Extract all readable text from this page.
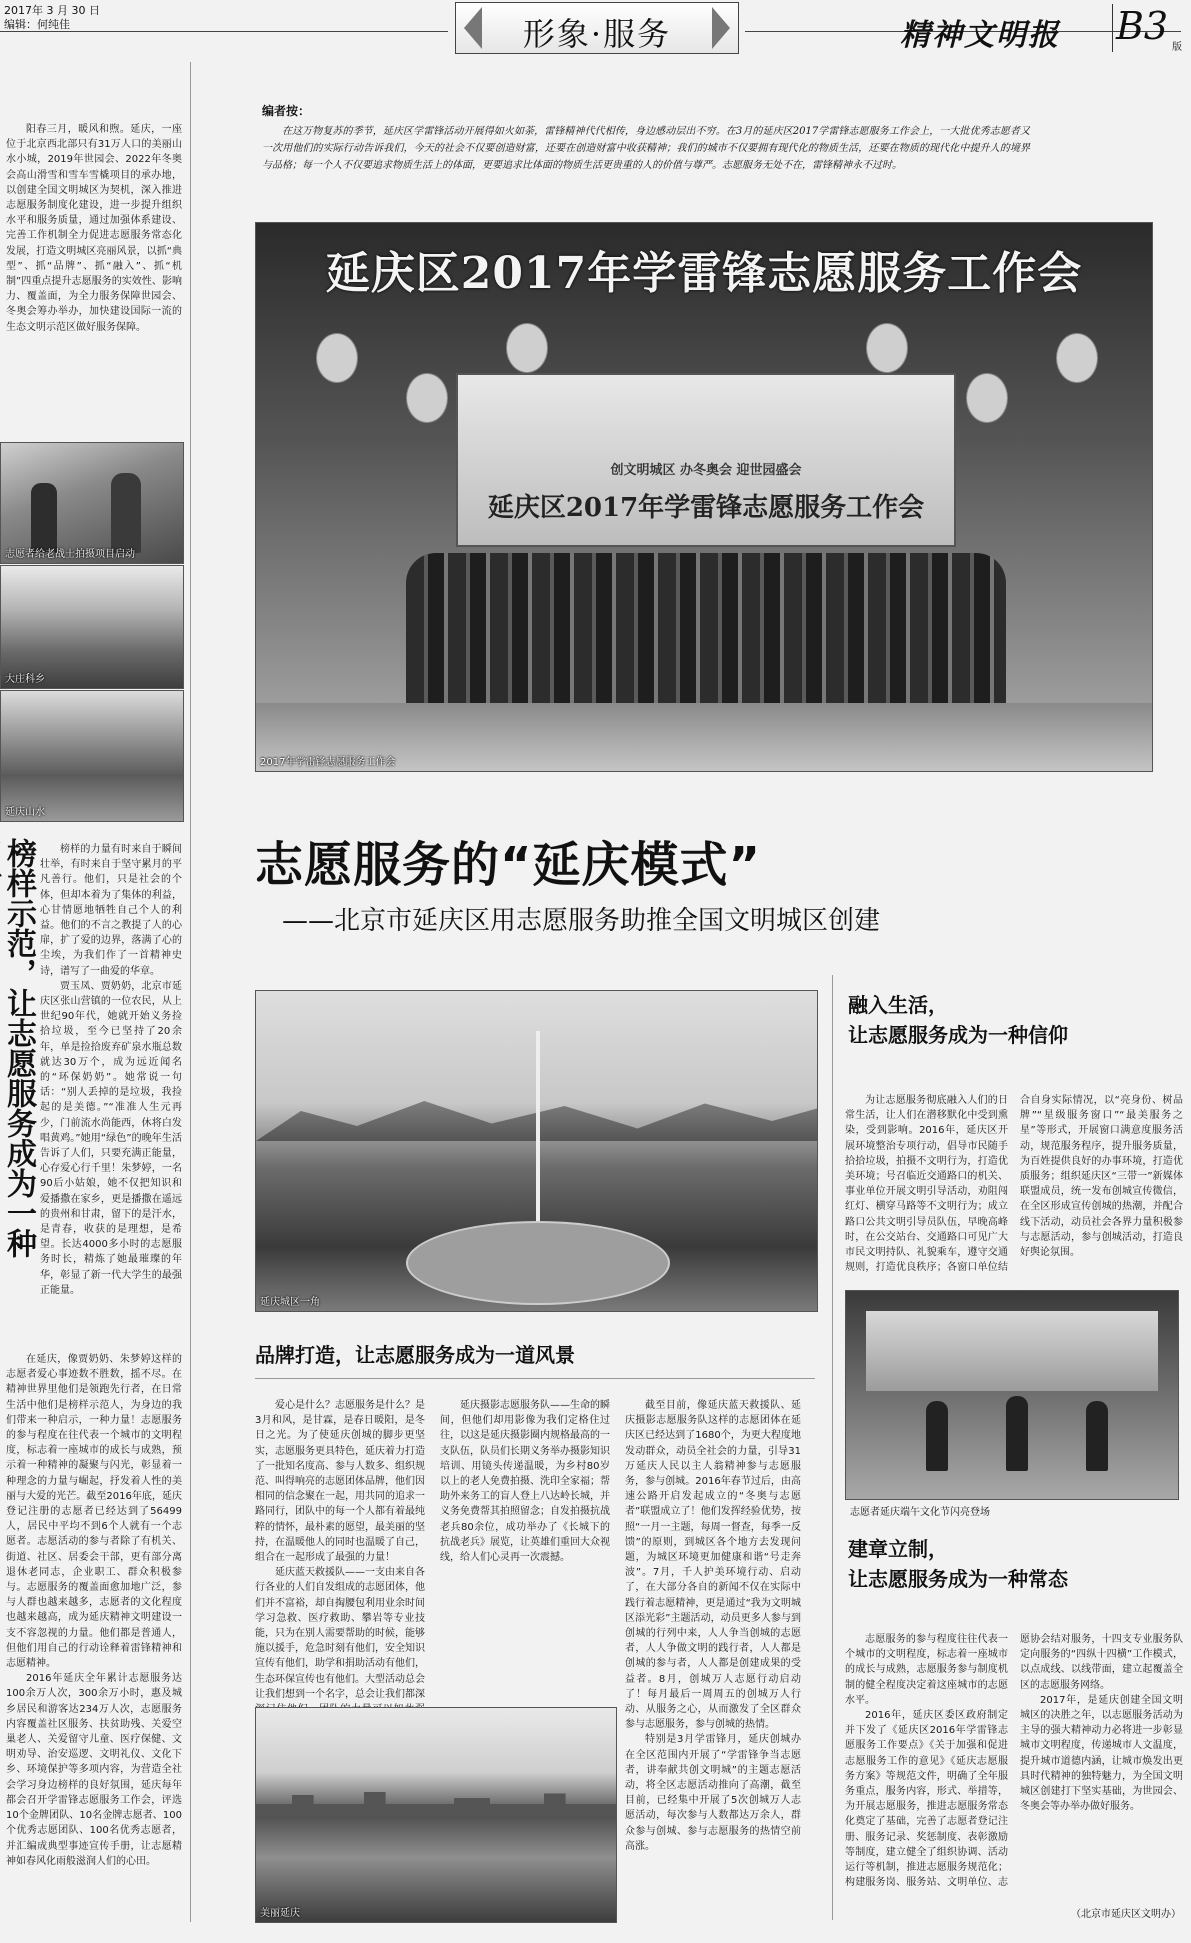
2017年 3 月 30 日
编辑：何纯佳	形象·服务	精神文明报 B3 版

阳春三月，暖风和煦。延庆，一座位于北京西北部只有31万人口的美丽山水小城，2019年世园会、2022年冬奥会高山滑雪和雪车雪橇项目的承办地，以创建全国文明城区为契机，深入推进志愿服务制度化建设，进一步提升组织水平和服务质量，通过加强体系建设、完善工作机制全力促进志愿服务常态化发展，打造文明城区亮丽风景，以抓“典型”、抓“品牌”、抓“融入”、抓“机制”四重点提升志愿服务的实效性、影响力、覆盖面，为全力服务保障世园会、冬奥会筹办举办，加快建设国际一流的生态文明示范区做好服务保障。

志愿者给老战士拍摄项目启动
大庄科乡
延庆山水
榜样示范，让志愿服务成为一种

榜样的力量有时来自于瞬间壮举，有时来自于坚守累月的平凡善行。他们，只是社会的个体，但却本着为了集体的利益，心甘情愿地牺牲自己个人的利益。他们的不言之教提了人的心扉，扩了爱的边界，落满了心的尘埃，为我们作了一首精神史诗，谱写了一曲爱的华章。

贾玉凤、贾奶奶，北京市延庆区张山营镇的一位农民，从上世纪90年代，她就开始义务捡拾垃圾，至今已坚持了20余年，单是捡拾废弃矿泉水瓶总数就达30万个，成为远近闻名的“环保奶奶”。她常说一句话：“别人丢掉的是垃圾，我捡起的是美德。”“准准人生元再少，门前流水尚能西，休将白发唱黄鸡。”她用“绿色”的晚年生活告诉了人们，只要充满正能量，心存爱心行千里！朱梦婷，一名90后小姑娘，她不仅把知识和爱播撒在家乡，更是播撒在遥远的贵州和甘肃，留下的是汗水，是青春，收获的是理想，是希望。长达4000多小时的志愿服务时长，精炼了她最璀璨的年华，彰显了新一代大学生的最强正能量。

在延庆，像贾奶奶、朱梦婷这样的志愿者爱心事迹数不胜数，摇不尽。在精神世界里他们是领跑先行者，在日常生活中他们是榜样示范人，为身边的我们带来一种启示，一种力量！志愿服务的参与程度在往代表一个城市的文明程度，标志着一座城市的成长与成熟，预示着一种精神的凝聚与闪光，彰显着一种理念的力量与崛起，抒发着人性的美丽与大爱的光芒。截至2016年底，延庆登记注册的志愿者已经达到了56499人，居民中平均不到6个人就有一个志愿者。志愿活动的参与者除了有机关、街道、社区、居委会干部，更有部分离退休老同志，企业职工、群众积极参与。志愿服务的覆盖面愈加地广泛，参与人群也越来越多，志愿者的文化程度也越来越高，成为延庆精神文明建设一支不容忽视的力量。他们都是普通人，但他们用自己的行动诠释着雷锋精神和志愿精神。

2016年延庆全年累计志愿服务达100余万人次，300余万小时，惠及城乡居民和游客达234万人次，志愿服务内容覆盖社区服务、扶贫助残、关爱空巢老人、关爱留守儿童、医疗保健、文明劝导、治安巡逻、文明礼仪、文化下乡、环境保护等多项内容，为营造全社会学习身边榜样的良好氛围，延庆每年都会召开学雷锋志愿服务工作会，评选10个金牌团队、10名金牌志愿者、100个优秀志愿团队、100名优秀志愿者，并汇编成典型事迹宣传手册，让志愿精神如春风化雨般滋润人们的心田。

编者按：
在这万物复苏的季节，延庆区学雷锋活动开展得如火如荼，雷锋精神代代相传，身边感动层出不穷。在3月的延庆区2017学雷锋志愿服务工作会上，一大批优秀志愿者又一次用他们的实际行动告诉我们，今天的社会不仅要创造财富，还要在创造财富中收获精神；我们的城市不仅要拥有现代化的物质生活，还要在物质的现代化中提升人的境界与品格；每一个人不仅要追求物质生活上的体面，更要追求比体面的物质生活更贵重的人的价值与尊严。志愿服务无处不在，雷锋精神永不过时。
延庆区2017年学雷锋志愿服务工作会
创文明城区 办冬奥会 迎世园盛会
延庆区2017年学雷锋志愿服务工作会
2017年学雷锋志愿服务工作会
志愿服务的“延庆模式”
——北京市延庆区用志愿服务助推全国文明城区创建
延庆城区一角
品牌打造，让志愿服务成为一道风景

爱心是什么？志愿服务是什么？是3月和风，是甘霖，是春日暖阳，是冬日之光。为了使延庆创城的脚步更坚实，志愿服务更具特色，延庆着力打造了一批知名度高、参与人数多、组织规范、叫得响亮的志愿团体品牌，他们因相同的信念聚在一起，用共同的追求一路同行，团队中的每一个人都有着最纯粹的情怀，最朴素的愿望，最美丽的坚持，在温暖他人的同时也温暖了自己，组合在一起形成了最强的力量！

延庆蓝天救援队——一支由来自各行各业的人们自发组成的志愿团体，他们并不富裕，却自掏腰包利用业余时间学习急救、医疗救助、攀岩等专业技能，只为在别人需要帮助的时候，能够施以援手，危急时刻有他们，安全知识宣传有他们，助学和捐助活动有他们，生态环保宣传也有他们。大型活动总会让我们想到一个名字，总会让我们都深

延庆摄影志愿服务队——生命的瞬间，但他们却用影像为我们定格住过往，以这是延庆摄影圈内规格最高的一支队伍，队员们长期义务举办摄影知识培训、用镜头传递温暖，为乡村80岁以上的老人免费拍摄、洗印全家福；帮助外来务工的盲人登上八达岭长城，并义务免费帮其拍照留念；自发拍摄抗战老兵80余位，成功举办了《长城下的抗战老兵》展览，让英雄们重回大众视线，给人们心灵再一次震撼。

截至目前，像延庆蓝天救援队、延庆摄影志愿服务队这样的志愿团体在延庆区已经达到了1680个，为更大程度地发动群众，动员全社会的力量，引导31万延庆人民以主人翁精神参与志愿服务，参与创城。2016年春节过后，由高速公路开启发起成立的“冬奥与志愿者”联盟成立了！他们发挥经验优势，按照“一月一主题，每周一督查，每季一反馈”的原则，到城区各个地方去发现问题，为城区环境更加健康和谐“号走奔波”。7月，千人护美环境行动、启动了，在大部分各自的新闻不仅在实际中践行着志愿精神，更是通过“我为文明城区添光彩”主题活动，动员更多人参与到创城的行列中来，人人争当创城的志愿者，人人争做文明的践行者，人人都是创城的参与者，人人都是创建成果的受益者。8月，创城万人志愿行动启动了！每月最后一周周五的创城万人行动、从服务之心，从而激发了全区群众参与志愿服务，参与创城的热情。

特别是3月学雷锋月，延庆创城办在全区范围内开展了“学雷锋争当志愿者，讲奉献共创文明城”的主题志愿活动，将全区志愿活动推向了高潮，截至目前，已经集中开展了5次创城万人志愿活动，每次参与人数都达万余人，群众参与创城、参与志愿服务的热情空前高涨。

美丽延庆
融入生活，
让志愿服务成为一种信仰

为让志愿服务彻底融入人们的日常生活，让人们在潜移默化中受到熏染，受到影响。2016年，延庆区开展环境整治专项行动，倡导市民随手拾拾垃圾，拍摄不文明行为，打造优美环境；号召临近交通路口的机关、事业单位开展文明引导活动，劝阻闯红灯、横穿马路等不文明行为；成立路口公共文明引导员队伍，早晚高峰时，在公交站台、交通路口可见广大市民文明持队、礼貌乘车，遵守交通规则，打造优良秩序；各窗口单位结合自身实际情况，以“亮身份、树品牌”“星级服务窗口”“最美服务之星”等形式，开展窗口满意度服务活动，规范服务程序，提升服务质量，为百姓提供良好的办事环境，打造优质服务；组织延庆区“三带一”新媒体联盟成员，统一发布创城宣传微信，在全区形成宣传创城的热潮，并配合线下活动，动员社会各界力量积极参与志愿活动，参与创城活动，打造良好舆论氛围。

志愿者延庆端午文化节闪亮登场
建章立制，
让志愿服务成为一种常态

志愿服务的参与程度往往代表一个城市的文明程度，标志着一座城市的成长与成熟，志愿服务参与制度机制的健全程度决定着这座城市的志愿水平。

2016年，延庆区委区政府制定并下发了《延庆区2016年学雷锋志愿服务工作要点》《关于加强和促进志愿服务工作的意见》《延庆志愿服务方案》等规范文件，明确了全年服务重点，服务内容，形式、举措等，为开展志愿服务，推进志愿服务常态化奠定了基础，完善了志愿者登记注册、服务记录、奖惩制度、表彰激励等制度，建立健全了组织协调、活动运行等机制，推进志愿服务规范化；构建服务岗、服务站、文明单位、志愿协会结对服务，十四支专业服务队定向服务的“四纵十四横”工作模式，以点成线、以线带面，建立起覆盖全区的志愿服务网络。

2017年，是延庆创建全国文明城区的决胜之年，以志愿服务活动为主导的强大精神动力必将进一步彰显城市文明程度，传递城市人文温度，提升城市道德内涵，让城市焕发出更具时代精神的独特魅力，为全国文明城区创建打下坚实基础，为世园会、冬奥会等办举办做好服务。

（北京市延庆区文明办）
